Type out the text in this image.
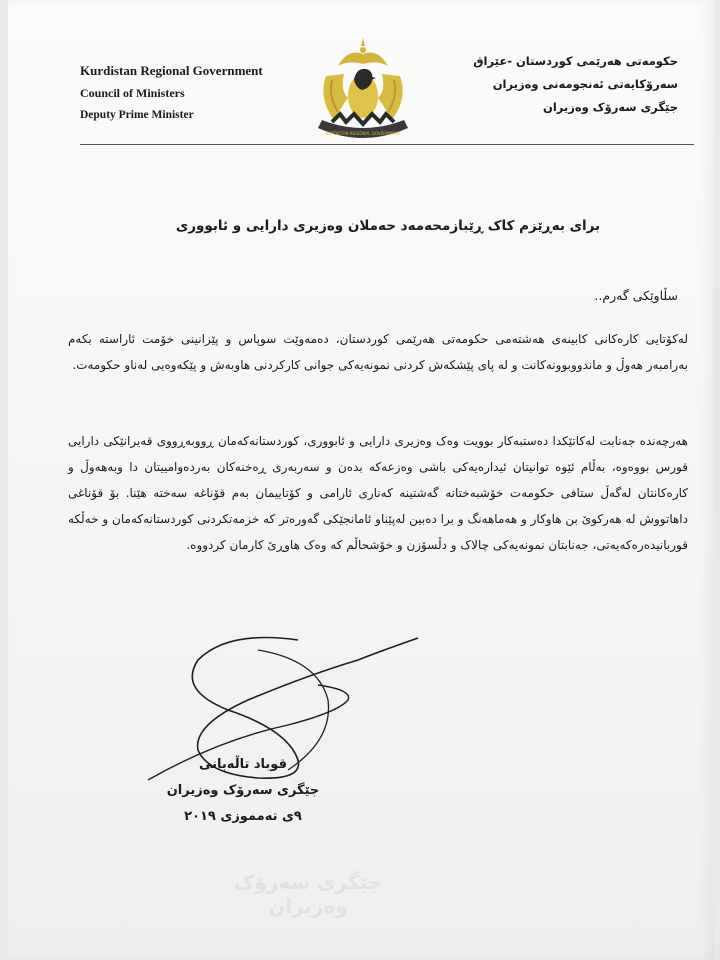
Kurdistan Regional Government
Council of Ministers
Deputy Prime Minister
KURDISTAN REGIONAL GOVERNMENT
حکومەتی هەرێمی کوردستان -عێراق
سەرۆکایەتی ئەنجومەنی وەزیران
جێگری سەرۆک وەزیران
برای بەڕێزم کاک ڕێبازمحەمەد حەملان وەزیری دارایی و ئابووری
سڵاوێکی گەرم..
لەکۆتایی کارەکانی کابینەی هەشتەمی حکومەتی هەرێمی کوردستان، دەمەوێت سوپاس و پێزانینی خۆمت ئاراستە بکەم بەرامبەر هەوڵ و ماندووبوونەکانت و لە پای پێشکەش کردنی نمونەیەکی جوانی کارکردنی هاوبەش و پێکەوەیی لەناو حکومەت.
هەرچەندە جەنابت لەکاتێکدا دەستبەکار بوویت وەک وەزیری دارایی و ئابووری، کوردستانەکەمان ڕووبەڕووی قەیرانێکی دارایی قورس بووەوە، بەڵام ئێوە توانیتان ئیدارەیەکی باشی وەزعەکە بدەن و سەربەری ڕەخنەکان بەردەوامییتان دا وبەهەوڵ و کارەکانتان لەگەڵ ستافی حکومەت خۆشبەختانە گەشتینە کەناری ئارامی و کۆتاییمان بەم قۆناغە سەختە هێنا. بۆ قۆناغی داهاتووش لە هەرکوێ بن هاوکار و هەماهەنگ و برا دەبین لەپێناو ئامانجێکی گەورەتر کە خزمەتکردنی کوردستانەکەمان و خەڵکە قوربانیدەرەکەیەتی، جەنابتان نمونەیەکی چالاک و دڵسۆزن و خۆشحاڵم کە وەک هاوڕێ کارمان کردووە.
قوباد تاڵەبانی
جێگری سەرۆک وەزیران
٩ی تەمموزی ٢٠١٩
جێگری سەرۆک وەزیران
